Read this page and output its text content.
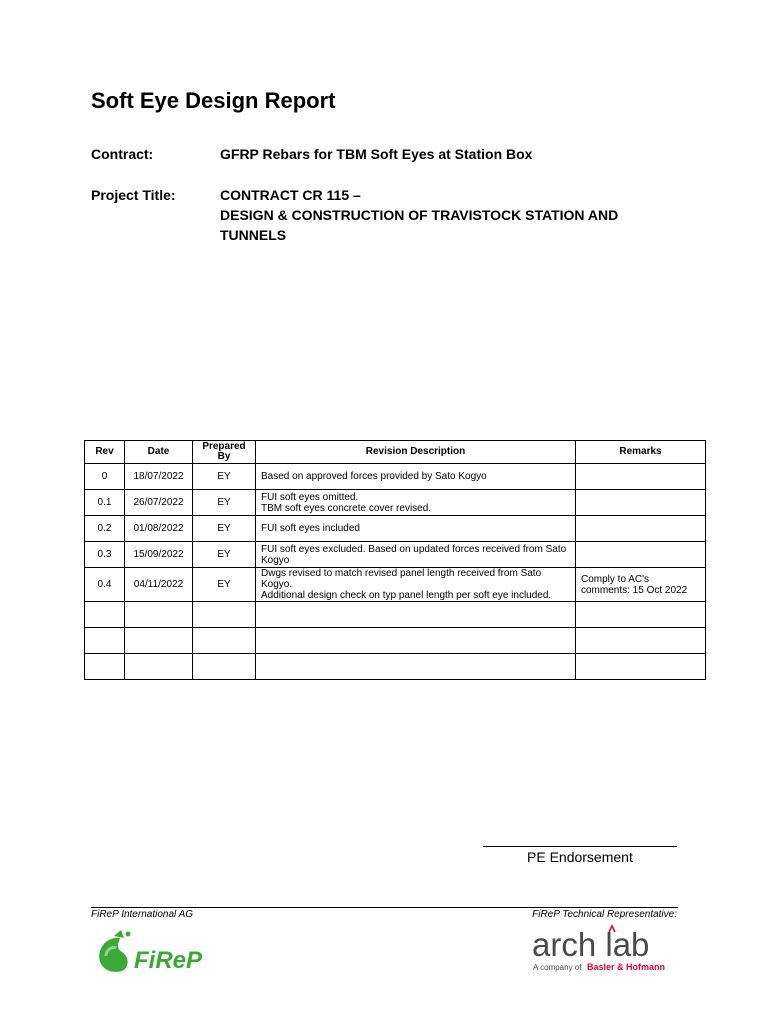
Soft Eye Design Report
Contract:	GFRP Rebars for TBM Soft Eyes at Station Box
Project Title:	CONTRACT CR 115 –
DESIGN & CONSTRUCTION OF TRAVISTOCK STATION AND
TUNNELS
Rev	Date	Prepared By	Revision Description	Remarks
0	18/07/2022	EY	Based on approved forces provided by Sato Kogyo	
0.1	26/07/2022	EY	FUI soft eyes omitted.
TBM soft eyes concrete cover revised.	
0.2	01/08/2022	EY	FUI soft eyes included	
0.3	15/09/2022	EY	FUI soft eyes excluded. Based on updated forces received from Sato Kogyo	
0.4	04/11/2022	EY	Dwgs revised to match revised panel length received from Sato Kogyo.
Additional design check on typ panel length per soft eye included.	Comply to AC's comments: 15 Oct 2022

PE Endorsement
FiReP International AG	FiReP Technical Representative:
FiReP	arch lab
A company of Basler & Hofmann
